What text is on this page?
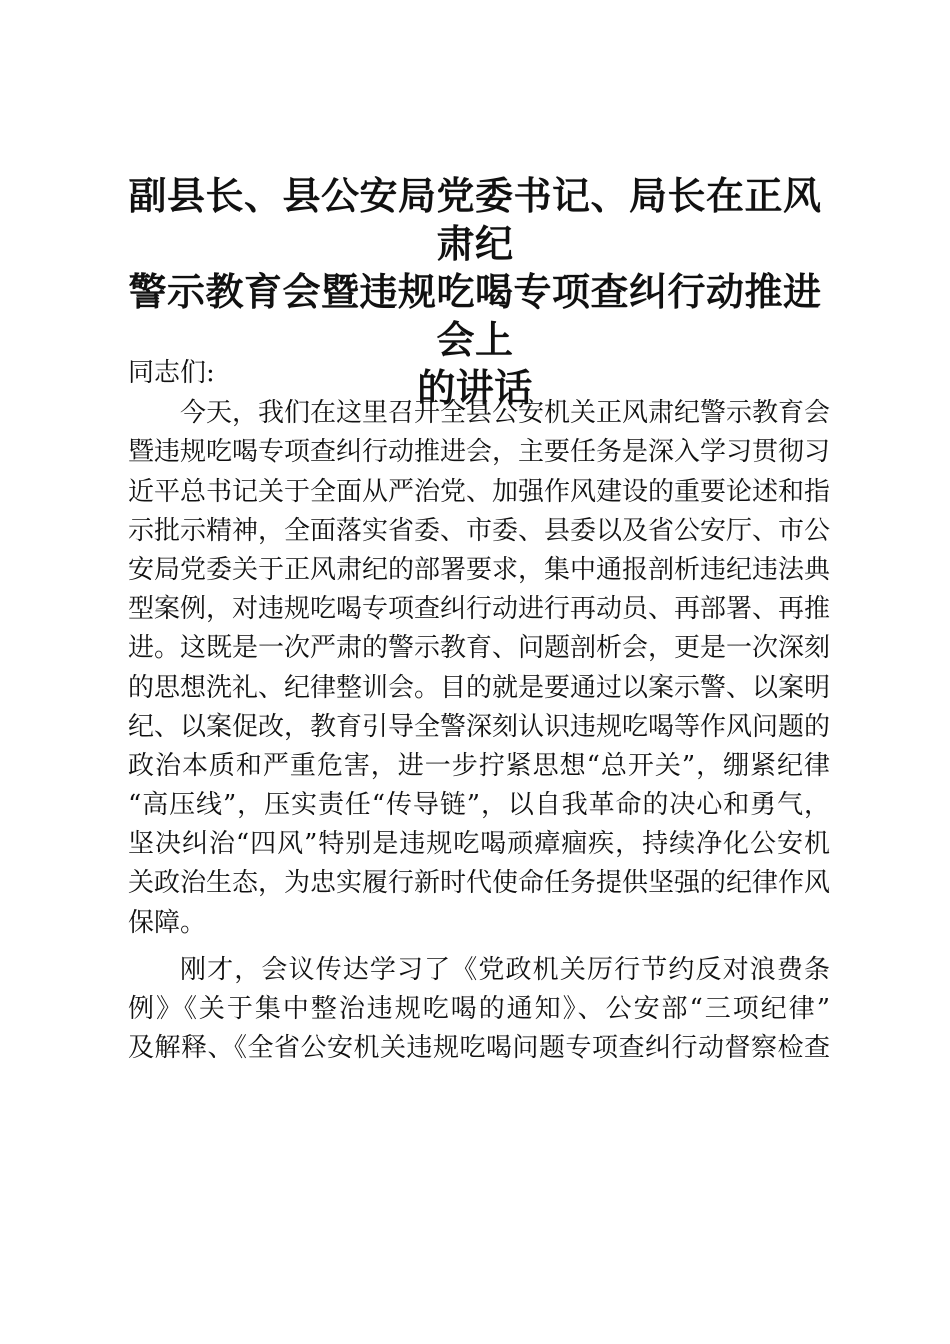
副县长、县公安局党委书记、局长在正风肃纪
警示教育会暨违规吃喝专项查纠行动推进会上
的讲话
同志们:
今天，我们在这里召开全县公安机关正风肃纪警示教育会
暨违规吃喝专项查纠行动推进会，主要任务是深入学习贯彻习
近平总书记关于全面从严治党、加强作风建设的重要论述和指
示批示精神，全面落实省委、市委、县委以及省公安厅、市公
安局党委关于正风肃纪的部署要求，集中通报剖析违纪违法典
型案例，对违规吃喝专项查纠行动进行再动员、再部署、再推
进。这既是一次严肃的警示教育、问题剖析会，更是一次深刻
的思想洗礼、纪律整训会。目的就是要通过以案示警、以案明
纪、以案促改，教育引导全警深刻认识违规吃喝等作风问题的
政治本质和严重危害，进一步拧紧思想“总开关”，绷紧纪律
“高压线”，压实责任“传导链”，以自我革命的决心和勇气，
坚决纠治“四风”特别是违规吃喝顽瘴痼疾，持续净化公安机
关政治生态，为忠实履行新时代使命任务提供坚强的纪律作风
保障。
刚才，会议传达学习了《党政机关厉行节约反对浪费条
例》《关于集中整治违规吃喝的通知》、公安部“三项纪律”
及解释、《全省公安机关违规吃喝问题专项查纠行动督察检查
